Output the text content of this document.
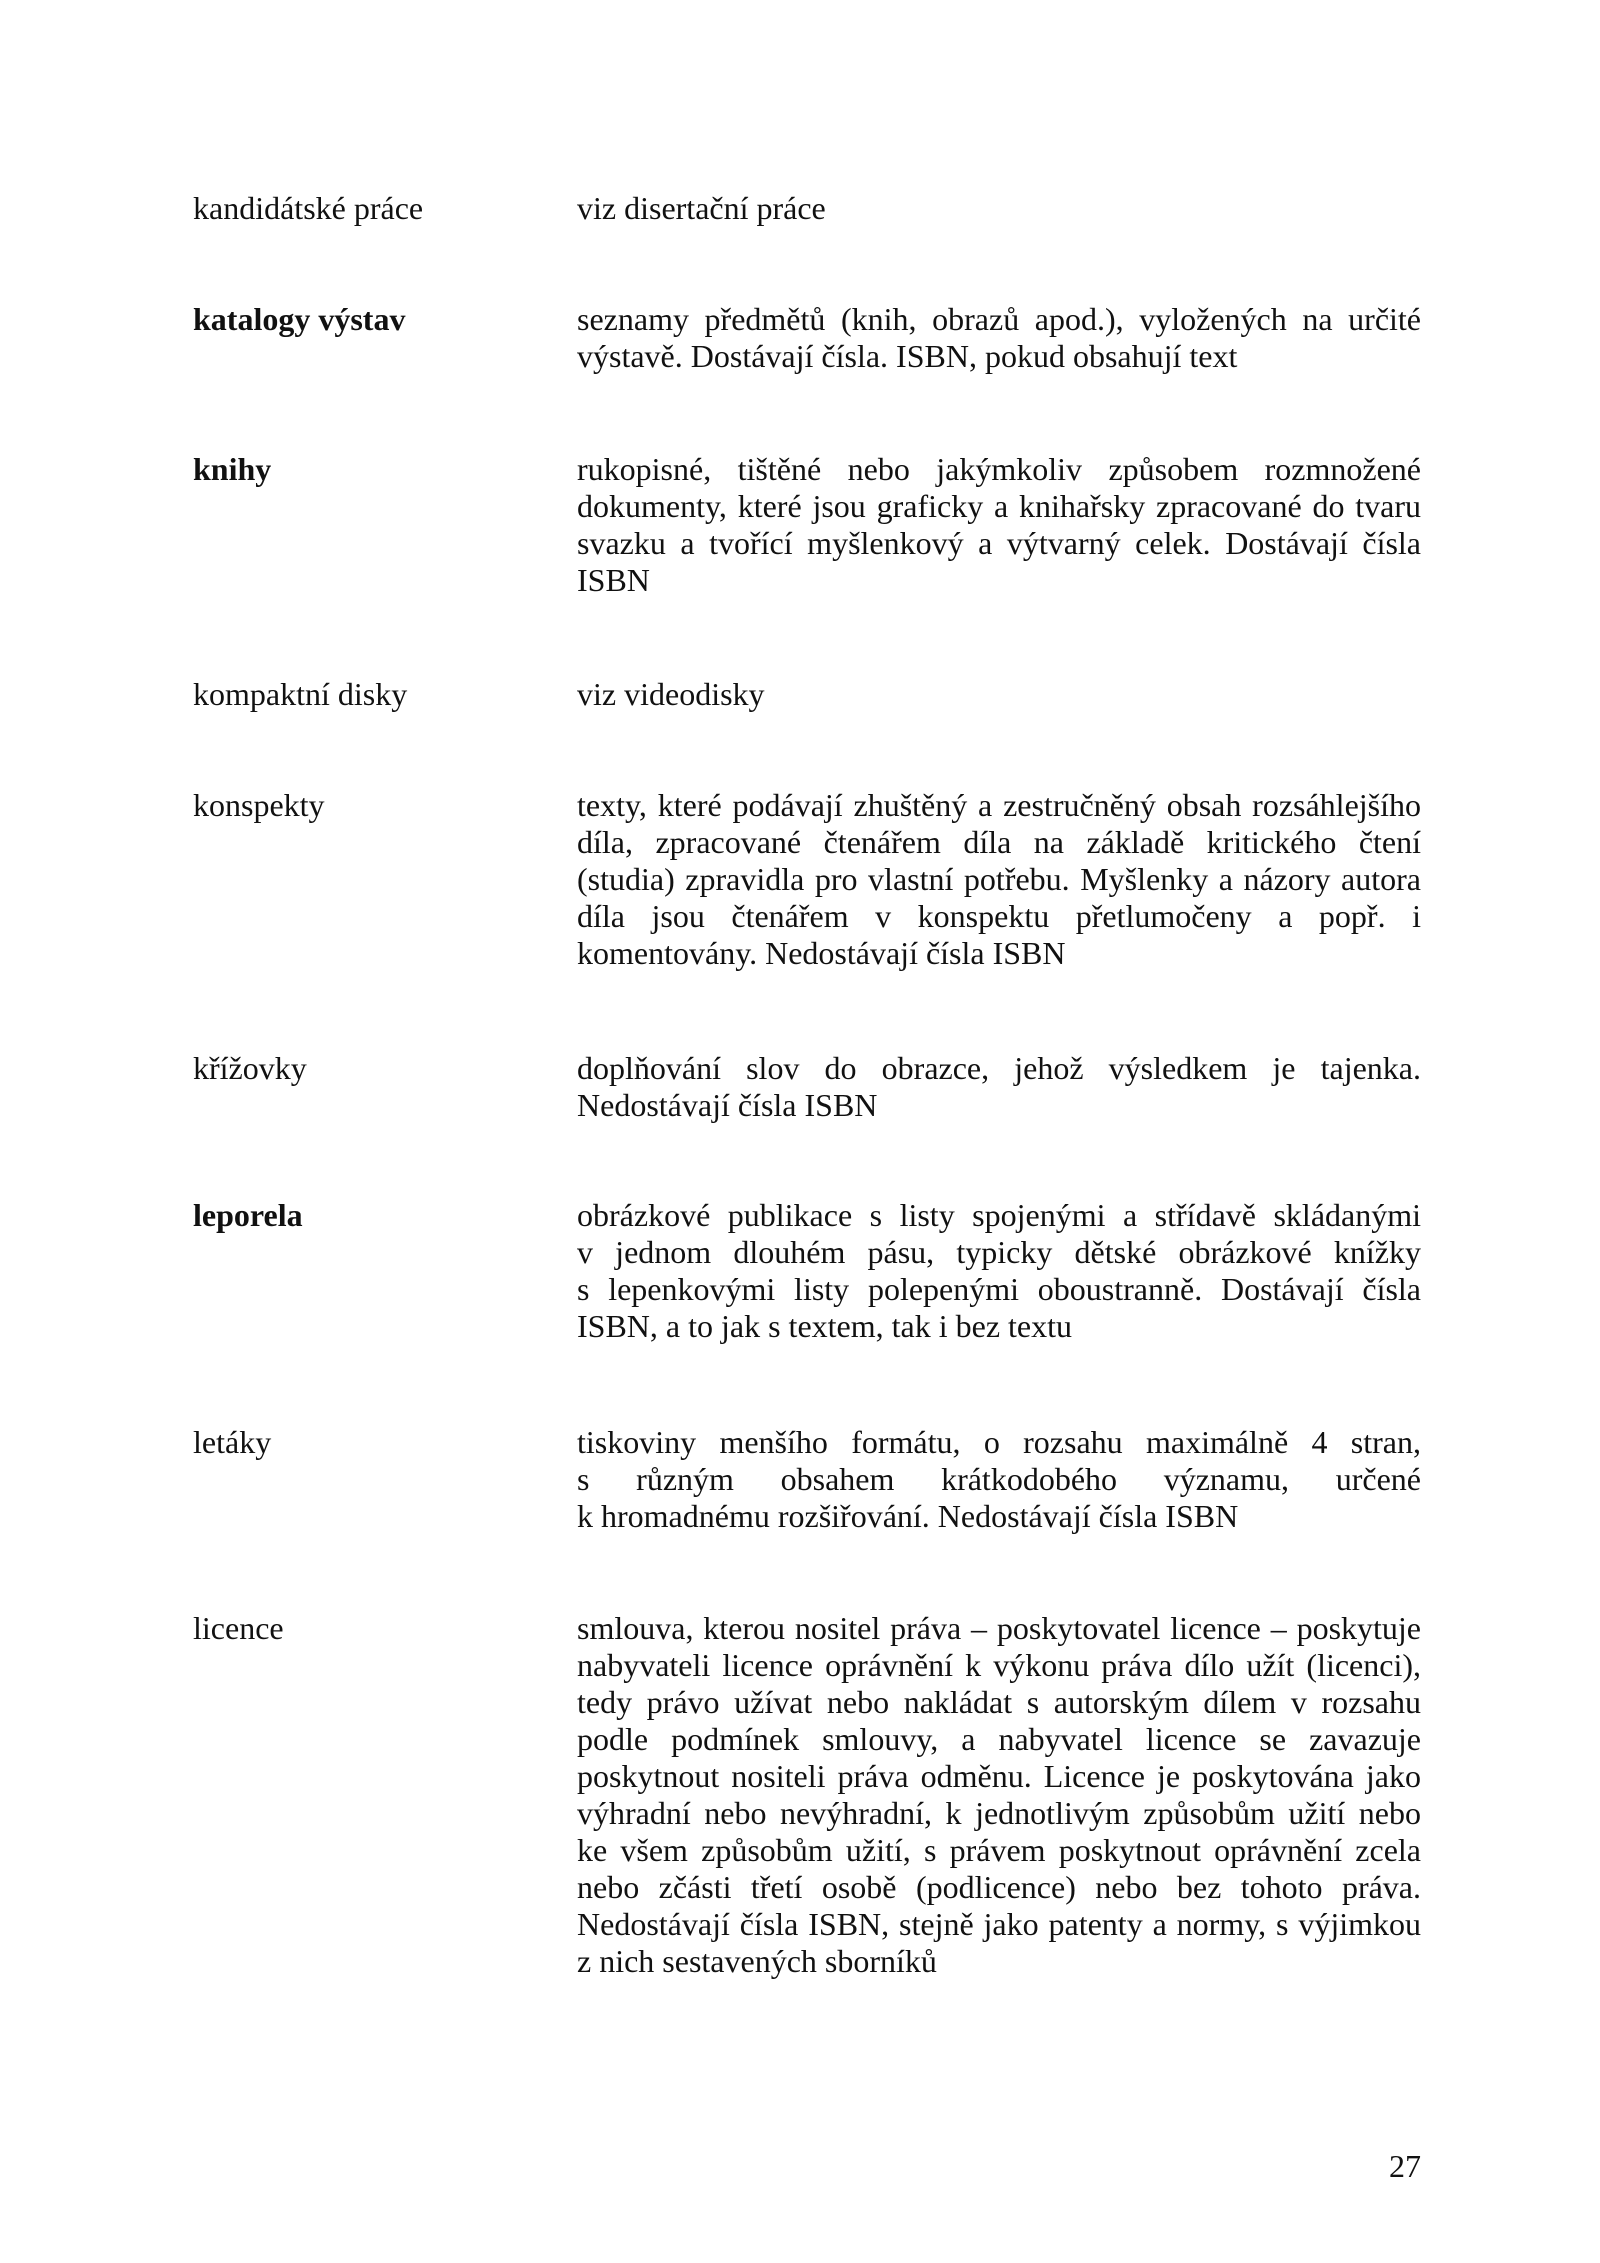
kandidátské práce	viz disertační práce
katalogy výstav	seznamy předmětů (knih, obrazů apod.), vyložených na určité
výstavě. Dostávají čísla. ISBN, pokud obsahují text
knihy	rukopisné, tištěné nebo jakýmkoliv způsobem rozmnožené
dokumenty, které jsou graficky a knihařsky zpracované do tvaru
svazku a tvořící myšlenkový a výtvarný celek. Dostávají čísla
ISBN
kompaktní disky	viz videodisky
konspekty	texty, které podávají zhuštěný a zestručněný obsah rozsáhlejšího
díla, zpracované čtenářem díla na základě kritického čtení
(studia) zpravidla pro vlastní potřebu. Myšlenky a názory autora
díla jsou čtenářem v konspektu přetlumočeny a popř. i
komentovány. Nedostávají čísla ISBN
křížovky	doplňování slov do obrazce, jehož výsledkem je tajenka.
Nedostávají čísla ISBN
leporela	obrázkové publikace s listy spojenými a střídavě skládanými
v jednom dlouhém pásu, typicky dětské obrázkové knížky
s lepenkovými listy polepenými oboustranně. Dostávají čísla
ISBN, a to jak s textem, tak i bez textu
letáky	tiskoviny menšího formátu, o rozsahu maximálně 4 stran,
s různým obsahem krátkodobého významu, určené
k hromadnému rozšiřování. Nedostávají čísla ISBN
licence	smlouva, kterou nositel práva – poskytovatel licence – poskytuje
nabyvateli licence oprávnění k výkonu práva dílo užít (licenci),
tedy právo užívat nebo nakládat s autorským dílem v rozsahu
podle podmínek smlouvy, a nabyvatel licence se zavazuje
poskytnout nositeli práva odměnu. Licence je poskytována jako
výhradní nebo nevýhradní, k jednotlivým způsobům užití nebo
ke všem způsobům užití, s právem poskytnout oprávnění zcela
nebo zčásti třetí osobě (podlicence) nebo bez tohoto práva.
Nedostávají čísla ISBN, stejně jako patenty a normy, s výjimkou
z nich sestavených sborníků
27
